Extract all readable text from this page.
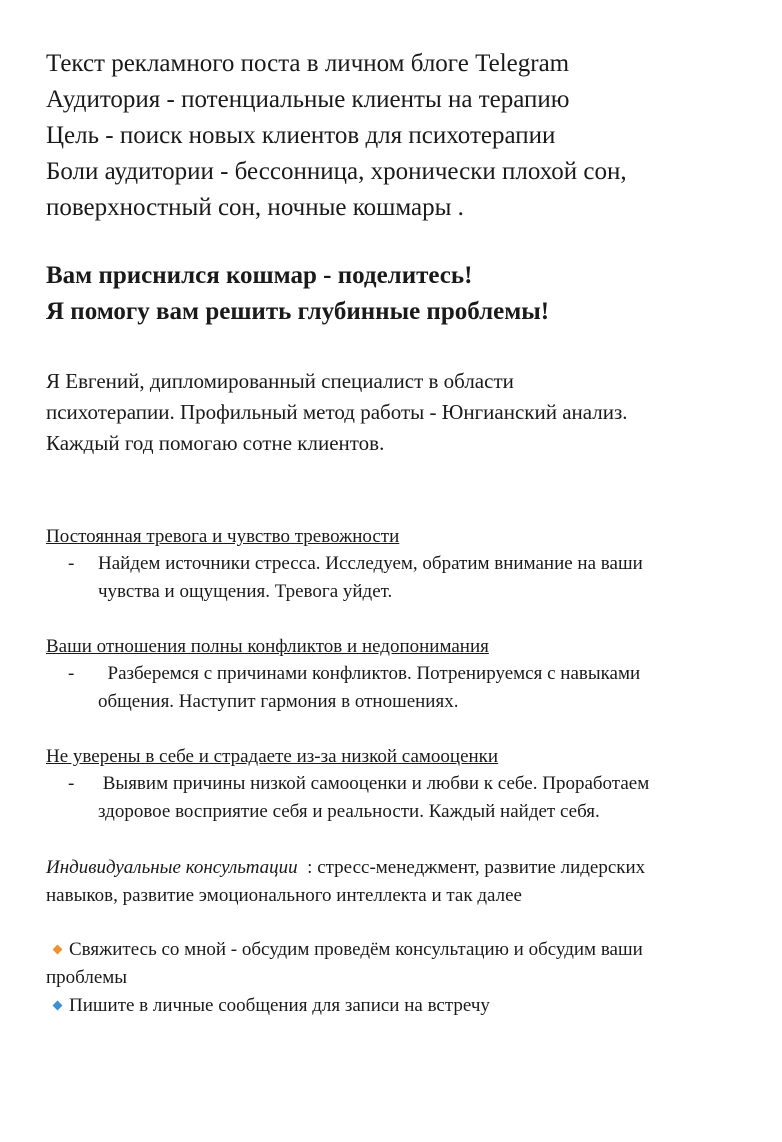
Текст рекламного поста в личном блоге Telegram

Аудитория - потенциальные клиенты на терапию

Цель - поиск новых клиентов для психотерапии

Боли аудитории - бессонница, хронически плохой сон,

поверхностный сон, ночные кошмары .

Вам приснился кошмар - поделитесь!

Я помогу вам решить глубинные проблемы!

Я Евгений, дипломированный специалист в области

психотерапии. Профильный метод работы - Юнгианский анализ.

Каждый год помогаю сотне клиентов.

Постоянная тревога и чувство тревожности

- Найдем источники стресса. Исследуем, обратим внимание на ваши

чувства и ощущения. Тревога уйдет.

Ваши отношения полны конфликтов и недопонимания

- Разберемся с причинами конфликтов. Потренируемся с навыками

общения. Наступит гармония в отношениях.

Не уверены в себе и страдаете из-за низкой самооценки

- Выявим причины низкой самооценки и любви к себе. Проработаем

здоровое восприятие себя и реальности. Каждый найдет себя.

Индивидуальные консультации  : стресс-менеджмент, развитие лидерских

навыков, развитие эмоционального интеллекта и так далее

Свяжитесь со мной - обсудим проведём консультацию и обсудим ваши

проблемы

Пишите в личные сообщения для записи на встречу
